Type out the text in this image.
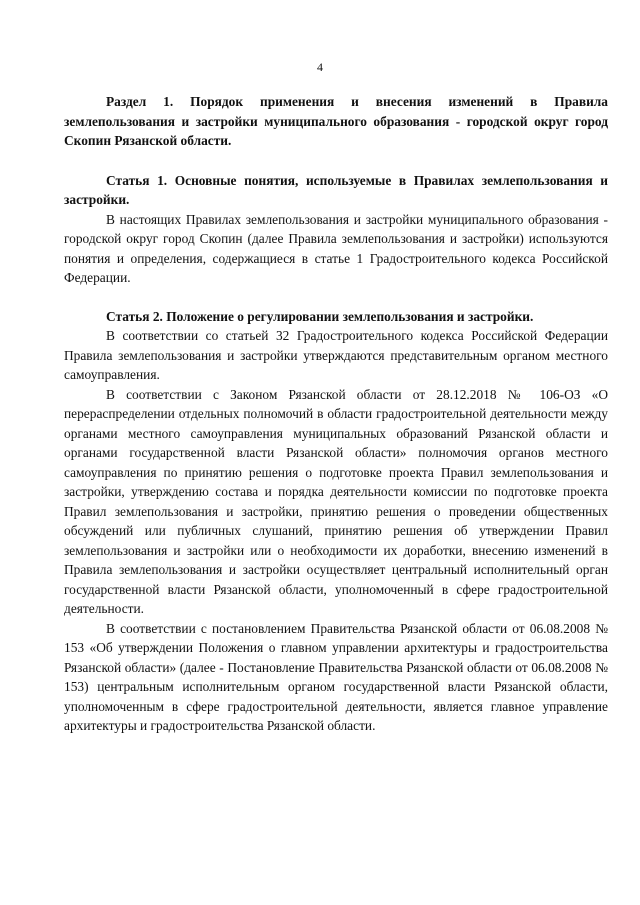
4

Раздел 1. Порядок применения и внесения изменений в Правила землепользования и застройки муниципального образования - городской округ город Скопин Рязанской области.

Статья 1. Основные понятия, используемые в Правилах землепользования и застройки.

В настоящих Правилах землепользования и застройки муниципального образования - городской округ город Скопин (далее Правила землепользования и застройки) используются понятия и определения, содержащиеся в статье 1 Градостроительного кодекса Российской Федерации.

Статья 2. Положение о регулировании землепользования и застройки.

В соответствии со статьей 32 Градостроительного кодекса Российской Федерации Правила землепользования и застройки утверждаются представительным органом местного самоуправления.

В соответствии с Законом Рязанской области от 28.12.2018 № 106-ОЗ «О перераспределении отдельных полномочий в области градостроительной деятельности между органами местного самоуправления муниципальных образований Рязанской области и органами государственной власти Рязанской области» полномочия органов местного самоуправления по принятию решения о подготовке проекта Правил землепользования и застройки, утверждению состава и порядка деятельности комиссии по подготовке проекта Правил землепользования и застройки, принятию решения о проведении общественных обсуждений или публичных слушаний, принятию решения об утверждении Правил землепользования и застройки или о необходимости их доработки, внесению изменений в Правила землепользования и застройки осуществляет центральный исполнительный орган государственной власти Рязанской области, уполномоченный в сфере градостроительной деятельности.

В соответствии с постановлением Правительства Рязанской области от 06.08.2008 № 153 «Об утверждении Положения о главном управлении архитектуры и градостроительства Рязанской области» (далее - Постановление Правительства Рязанской области от 06.08.2008 № 153) центральным исполнительным органом государственной власти Рязанской области, уполномоченным в сфере градостроительной деятельности, является главное управление архитектуры и градостроительства Рязанской области.
